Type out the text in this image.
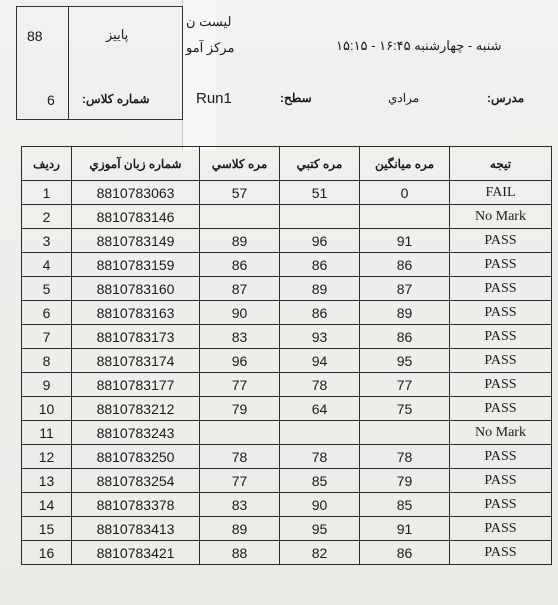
88	پاییز
لیست ن
مرکز آمو	شنبه - چهارشنبه ۱۶:۴۵ - ۱۵:۱۵
6 شماره کلاس:	Run1	سطح:	مرادي	مدرس:
رديف	شماره زبان آموزي	مره کلاسي	مره کتبي	مره ميانگين	تيجه
1	8810783063	57	51	0	FAIL
2	8810783146				No Mark
3	8810783149	89	96	91	PASS
4	8810783159	86	86	86	PASS
5	8810783160	87	89	87	PASS
6	8810783163	90	86	89	PASS
7	8810783173	83	93	86	PASS
8	8810783174	96	94	95	PASS
9	8810783177	77	78	77	PASS
10	8810783212	79	64	75	PASS
11	8810783243				No Mark
12	8810783250	78	78	78	PASS
13	8810783254	77	85	79	PASS
14	8810783378	83	90	85	PASS
15	8810783413	89	95	91	PASS
16	8810783421	88	82	86	PASS
